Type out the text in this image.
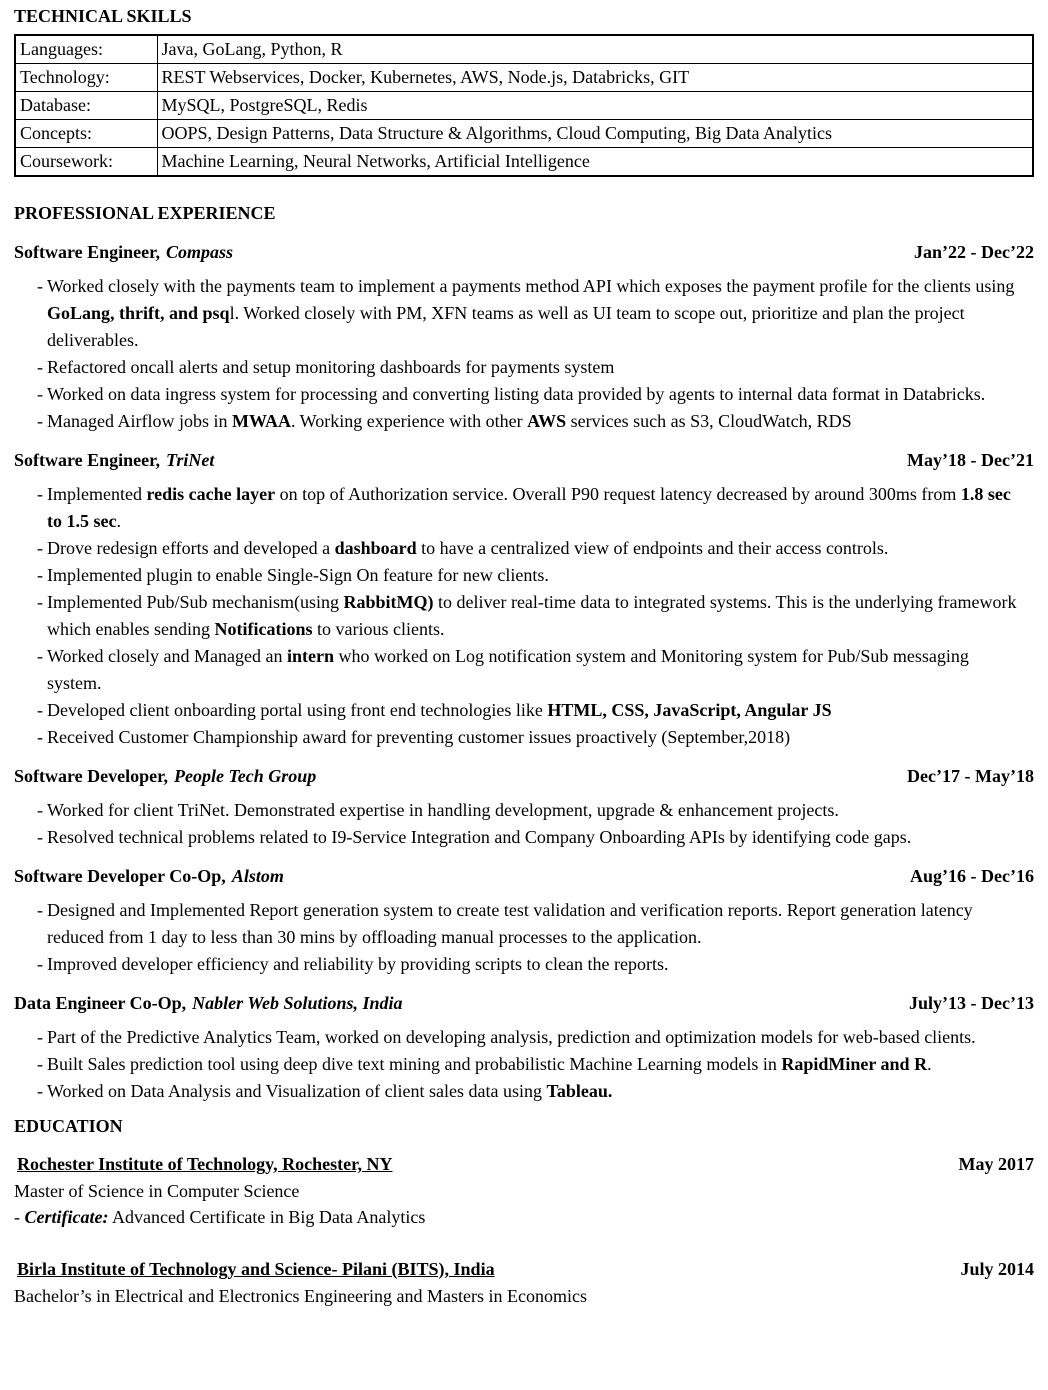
TECHNICAL SKILLS
Languages:	Java, GoLang, Python, R
Technology:	REST Webservices, Docker, Kubernetes, AWS, Node.js, Databricks, GIT
Database:	MySQL, PostgreSQL, Redis
Concepts:	OOPS, Design Patterns, Data Structure & Algorithms, Cloud Computing, Big Data Analytics
Coursework:	Machine Learning, Neural Networks, Artificial Intelligence
PROFESSIONAL EXPERIENCE
Software Engineer, Compass	Jan’22 - Dec’22
- Worked closely with the payments team to implement a payments method API which exposes the payment profile for the clients using GoLang, thrift, and psql. Worked closely with PM, XFN teams as well as UI team to scope out, prioritize and plan the project deliverables.
- Refactored oncall alerts and setup monitoring dashboards for payments system
- Worked on data ingress system for processing and converting listing data provided by agents to internal data format in Databricks.
- Managed Airflow jobs in MWAA. Working experience with other AWS services such as S3, CloudWatch, RDS
Software Engineer, TriNet	May’18 - Dec’21
- Implemented redis cache layer on top of Authorization service. Overall P90 request latency decreased by around 300ms from 1.8 sec to 1.5 sec.
- Drove redesign efforts and developed a dashboard to have a centralized view of endpoints and their access controls.
- Implemented plugin to enable Single-Sign On feature for new clients.
- Implemented Pub/Sub mechanism(using RabbitMQ) to deliver real-time data to integrated systems. This is the underlying framework which enables sending Notifications to various clients.
- Worked closely and Managed an intern who worked on Log notification system and Monitoring system for Pub/Sub messaging system.
- Developed client onboarding portal using front end technologies like HTML, CSS, JavaScript, Angular JS
- Received Customer Championship award for preventing customer issues proactively (September,2018)
Software Developer, People Tech Group	Dec’17 - May’18
- Worked for client TriNet. Demonstrated expertise in handling development, upgrade & enhancement projects.
- Resolved technical problems related to I9-Service Integration and Company Onboarding APIs by identifying code gaps.
Software Developer Co-Op, Alstom	Aug’16 - Dec’16
- Designed and Implemented Report generation system to create test validation and verification reports. Report generation latency reduced from 1 day to less than 30 mins by offloading manual processes to the application.
- Improved developer efficiency and reliability by providing scripts to clean the reports.
Data Engineer Co-Op, Nabler Web Solutions, India	July’13 - Dec’13
- Part of the Predictive Analytics Team, worked on developing analysis, prediction and optimization models for web-based clients.
- Built Sales prediction tool using deep dive text mining and probabilistic Machine Learning models in RapidMiner and R.
- Worked on Data Analysis and Visualization of client sales data using Tableau.
EDUCATION
Rochester Institute of Technology, Rochester, NY	May 2017
Master of Science in Computer Science
- Certificate: Advanced Certificate in Big Data Analytics
Birla Institute of Technology and Science- Pilani (BITS), India	July 2014
Bachelor’s in Electrical and Electronics Engineering and Masters in Economics
